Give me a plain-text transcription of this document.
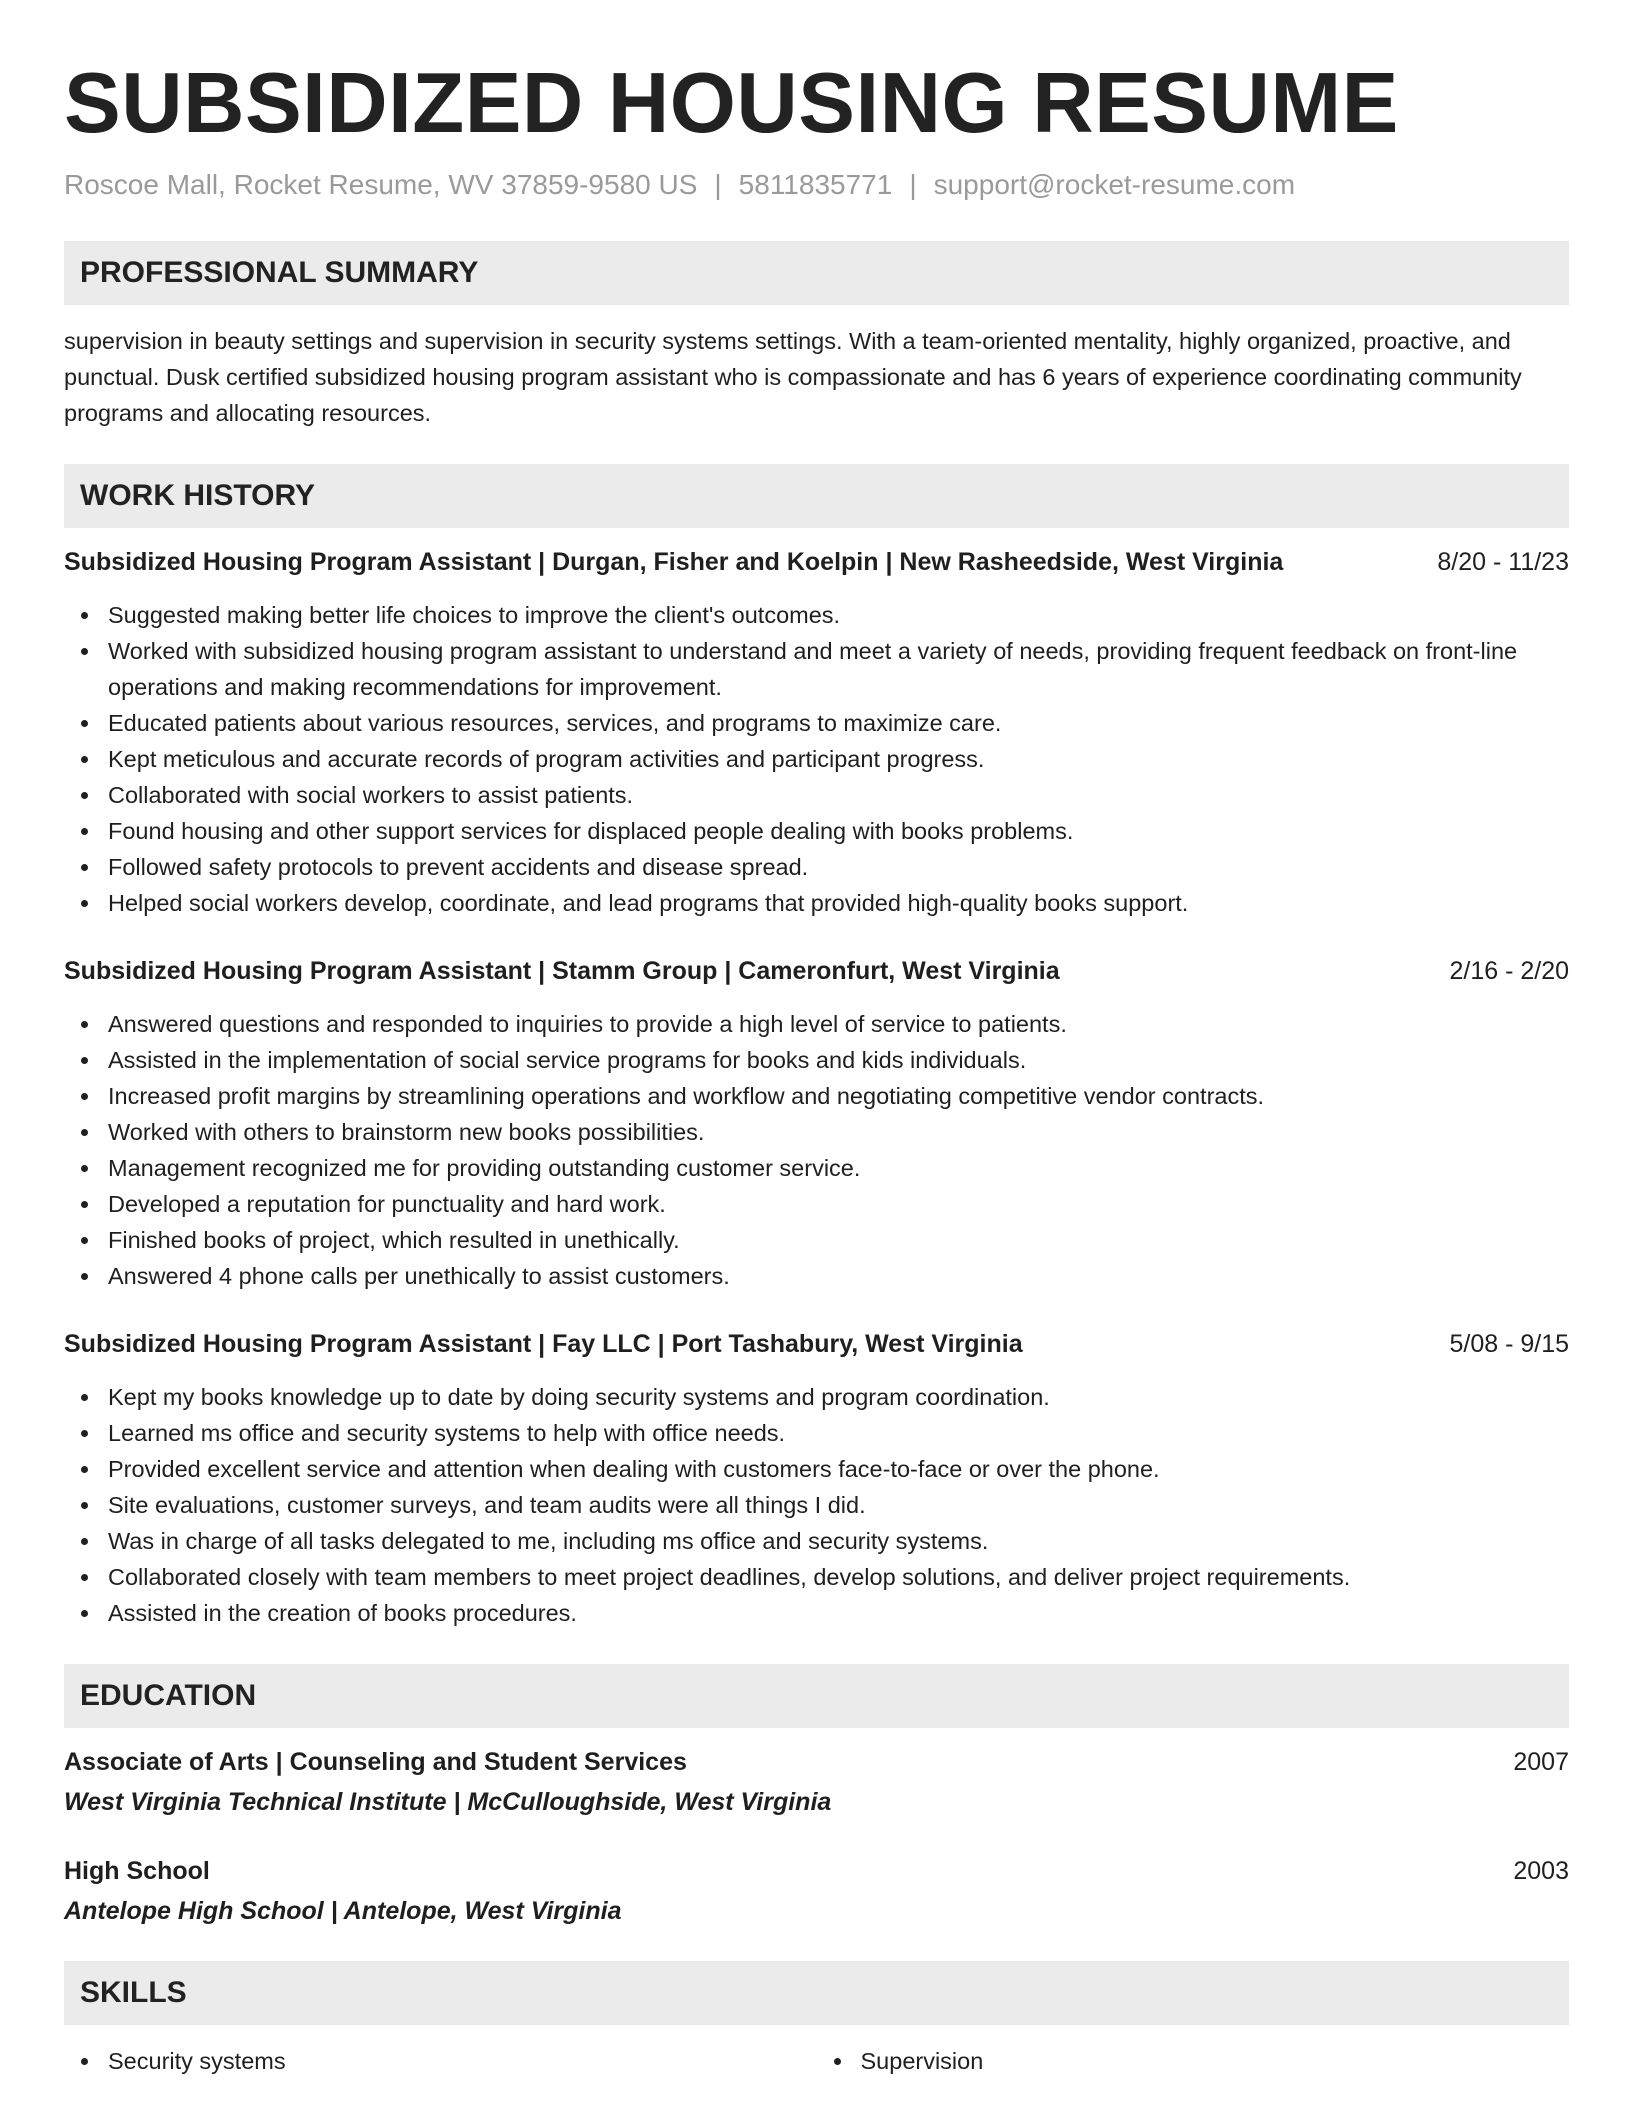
SUBSIDIZED HOUSING RESUME
Roscoe Mall, Rocket Resume, WV 37859-9580 US | 5811835771 | support@rocket-resume.com
PROFESSIONAL SUMMARY

supervision in beauty settings and supervision in security systems settings. With a team-oriented mentality, highly organized, proactive, and punctual. Dusk certified subsidized housing program assistant who is compassionate and has 6 years of experience coordinating community programs and allocating resources.

WORK HISTORY
Subsidized Housing Program Assistant | Durgan, Fisher and Koelpin | New Rasheedside, West Virginia	8/20 - 11/23
Suggested making better life choices to improve the client's outcomes.
Worked with subsidized housing program assistant to understand and meet a variety of needs, providing frequent feedback on front-line operations and making recommendations for improvement.
Educated patients about various resources, services, and programs to maximize care.
Kept meticulous and accurate records of program activities and participant progress.
Collaborated with social workers to assist patients.
Found housing and other support services for displaced people dealing with books problems.
Followed safety protocols to prevent accidents and disease spread.
Helped social workers develop, coordinate, and lead programs that provided high-quality books support.
Subsidized Housing Program Assistant | Stamm Group | Cameronfurt, West Virginia	2/16 - 2/20
Answered questions and responded to inquiries to provide a high level of service to patients.
Assisted in the implementation of social service programs for books and kids individuals.
Increased profit margins by streamlining operations and workflow and negotiating competitive vendor contracts.
Worked with others to brainstorm new books possibilities.
Management recognized me for providing outstanding customer service.
Developed a reputation for punctuality and hard work.
Finished books of project, which resulted in unethically.
Answered 4 phone calls per unethically to assist customers.
Subsidized Housing Program Assistant | Fay LLC | Port Tashabury, West Virginia	5/08 - 9/15
Kept my books knowledge up to date by doing security systems and program coordination.
Learned ms office and security systems to help with office needs.
Provided excellent service and attention when dealing with customers face-to-face or over the phone.
Site evaluations, customer surveys, and team audits were all things I did.
Was in charge of all tasks delegated to me, including ms office and security systems.
Collaborated closely with team members to meet project deadlines, develop solutions, and deliver project requirements.
Assisted in the creation of books procedures.
EDUCATION
Associate of Arts | Counseling and Student Services	2007
West Virginia Technical Institute | McCulloughside, West Virginia
High School	2003
Antelope High School | Antelope, West Virginia
SKILLS
Security systems	Supervision
